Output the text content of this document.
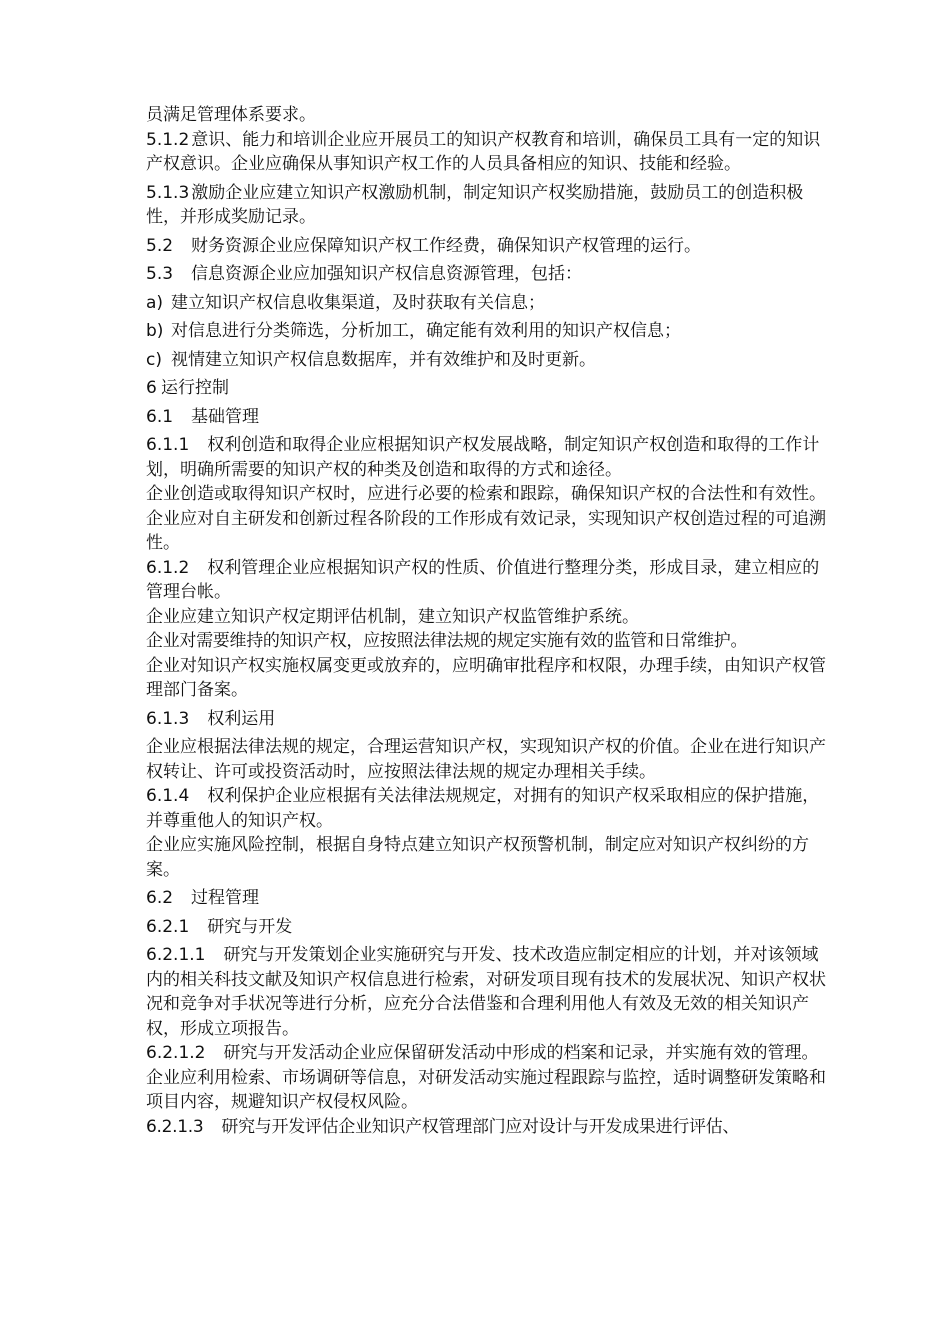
员满足管理体系要求。

5.1.2 意识、能力和培训企业应开展员工的知识产权教育和培训，确保员工具有一定的知识产权意识。企业应确保从事知识产权工作的人员具备相应的知识、技能和经验。

5.1.3 激励企业应建立知识产权激励机制，制定知识产权奖励措施，鼓励员工的创造积极性，并形成奖励记录。

5.2 财务资源企业应保障知识产权工作经费，确保知识产权管理的运行。

5.3 信息资源企业应加强知识产权信息资源管理，包括：

a) 建立知识产权信息收集渠道，及时获取有关信息；

b) 对信息进行分类筛选，分析加工，确定能有效利用的知识产权信息；

c) 视情建立知识产权信息数据库，并有效维护和及时更新。

6 运行控制

6.1 基础管理

6.1.1 权利创造和取得企业应根据知识产权发展战略，制定知识产权创造和取得的工作计划，明确所需要的知识产权的种类及创造和取得的方式和途径。

企业创造或取得知识产权时，应进行必要的检索和跟踪，确保知识产权的合法性和有效性。

企业应对自主研发和创新过程各阶段的工作形成有效记录，实现知识产权创造过程的可追溯性。

6.1.2 权利管理企业应根据知识产权的性质、价值进行整理分类，形成目录，建立相应的管理台帐。

企业应建立知识产权定期评估机制，建立知识产权监管维护系统。

企业对需要维持的知识产权，应按照法律法规的规定实施有效的监管和日常维护。

企业对知识产权实施权属变更或放弃的，应明确审批程序和权限，办理手续，由知识产权管理部门备案。

6.1.3 权利运用

企业应根据法律法规的规定，合理运营知识产权，实现知识产权的价值。企业在进行知识产权转让、许可或投资活动时，应按照法律法规的规定办理相关手续。

6.1.4 权利保护企业应根据有关法律法规规定，对拥有的知识产权采取相应的保护措施，并尊重他人的知识产权。

企业应实施风险控制，根据自身特点建立知识产权预警机制，制定应对知识产权纠纷的方案。

6.2 过程管理

6.2.1 研究与开发

6.2.1.1 研究与开发策划企业实施研究与开发、技术改造应制定相应的计划，并对该领域内的相关科技文献及知识产权信息进行检索，对研发项目现有技术的发展状况、知识产权状况和竞争对手状况等进行分析，应充分合法借鉴和合理利用他人有效及无效的相关知识产权，形成立项报告。

6.2.1.2 研究与开发活动企业应保留研发活动中形成的档案和记录，并实施有效的管理。企业应利用检索、市场调研等信息，对研发活动实施过程跟踪与监控，适时调整研发策略和项目内容，规避知识产权侵权风险。

6.2.1.3 研究与开发评估企业知识产权管理部门应对设计与开发成果进行评估、
